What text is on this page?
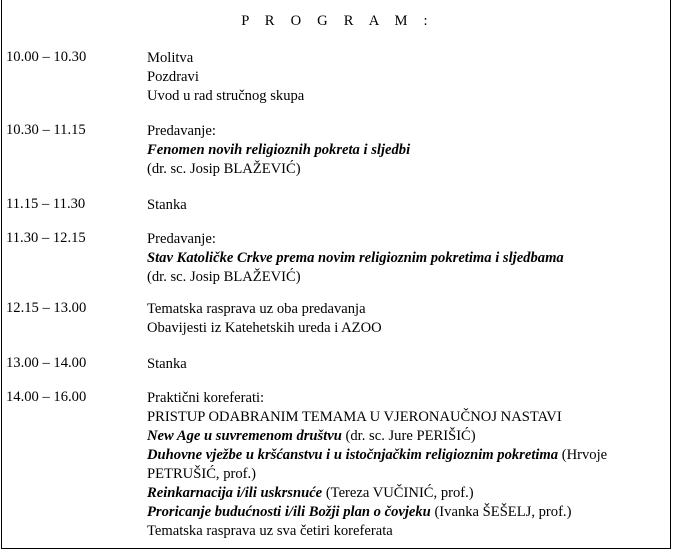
P R O G R A M :
10.00 – 10.30	Molitva
Pozdravi
Uvod u rad stručnog skupa
10.30 – 11.15	Predavanje:
Fenomen novih religioznih pokreta i sljedbi
(dr. sc. Josip BLAŽEVIĆ)
11.15 – 11.30	Stanka
11.30 – 12.15	Predavanje:
Stav Katoličke Crkve prema novim religioznim pokretima i sljedbama
(dr. sc. Josip BLAŽEVIĆ)
12.15 – 13.00	Tematska rasprava uz oba predavanja
Obavijesti iz Katehetskih ureda i AZOO
13.00 – 14.00	Stanka
14.00 – 16.00	Praktični koreferati:
PRISTUP ODABRANIM TEMAMA U VJERONAUČNOJ NASTAVI
New Age u suvremenom društvu (dr. sc. Jure PERIŠIĆ)
Duhovne vježbe u kršćanstvu i u istočnjačkim religioznim pokretima (Hrvoje PETRUŠIĆ, prof.)
Reinkarnacija i/ili uskrsnuće (Tereza VUČINIĆ, prof.)
Proricanje budućnosti i/ili Božji plan o čovjeku (Ivanka ŠEŠELJ, prof.)
Tematska rasprava uz sva četiri koreferata
